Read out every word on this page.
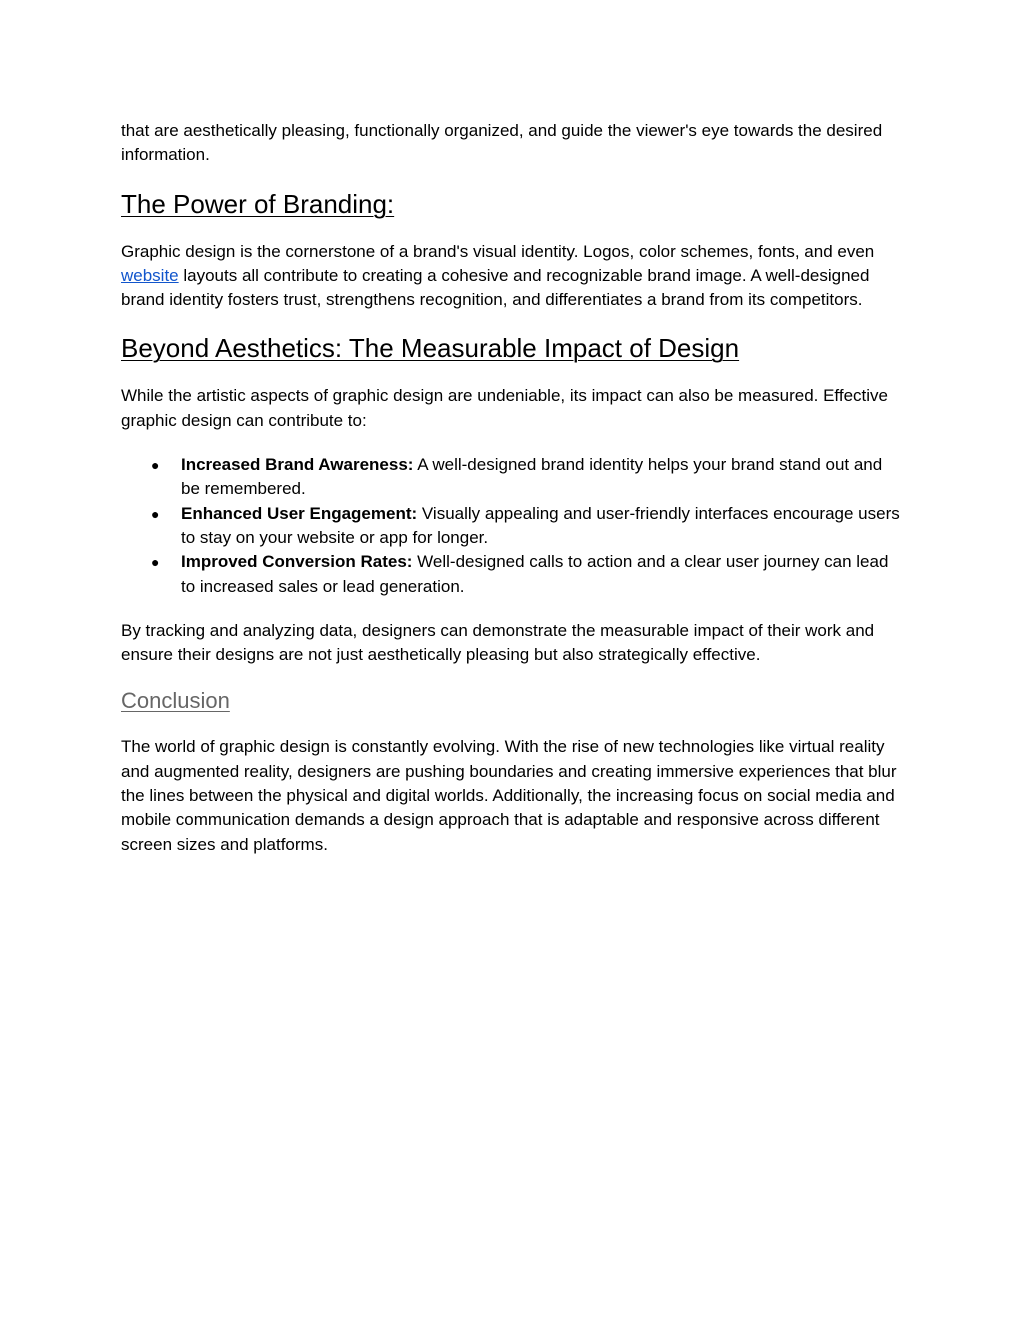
that are aesthetically pleasing, functionally organized, and guide the viewer's eye towards the desired information.

The Power of Branding:

Graphic design is the cornerstone of a brand's visual identity. Logos, color schemes, fonts, and even website layouts all contribute to creating a cohesive and recognizable brand image. A well-designed brand identity fosters trust, strengthens recognition, and differentiates a brand from its competitors.

Beyond Aesthetics: The Measurable Impact of Design

While the artistic aspects of graphic design are undeniable, its impact can also be measured. Effective graphic design can contribute to:

● Increased Brand Awareness: A well-designed brand identity helps your brand stand out and be remembered.
● Enhanced User Engagement: Visually appealing and user-friendly interfaces encourage users to stay on your website or app for longer.
● Improved Conversion Rates: Well-designed calls to action and a clear user journey can lead to increased sales or lead generation.

By tracking and analyzing data, designers can demonstrate the measurable impact of their work and ensure their designs are not just aesthetically pleasing but also strategically effective.

Conclusion

The world of graphic design is constantly evolving. With the rise of new technologies like virtual reality and augmented reality, designers are pushing boundaries and creating immersive experiences that blur the lines between the physical and digital worlds. Additionally, the increasing focus on social media and mobile communication demands a design approach that is adaptable and responsive across different screen sizes and platforms.
